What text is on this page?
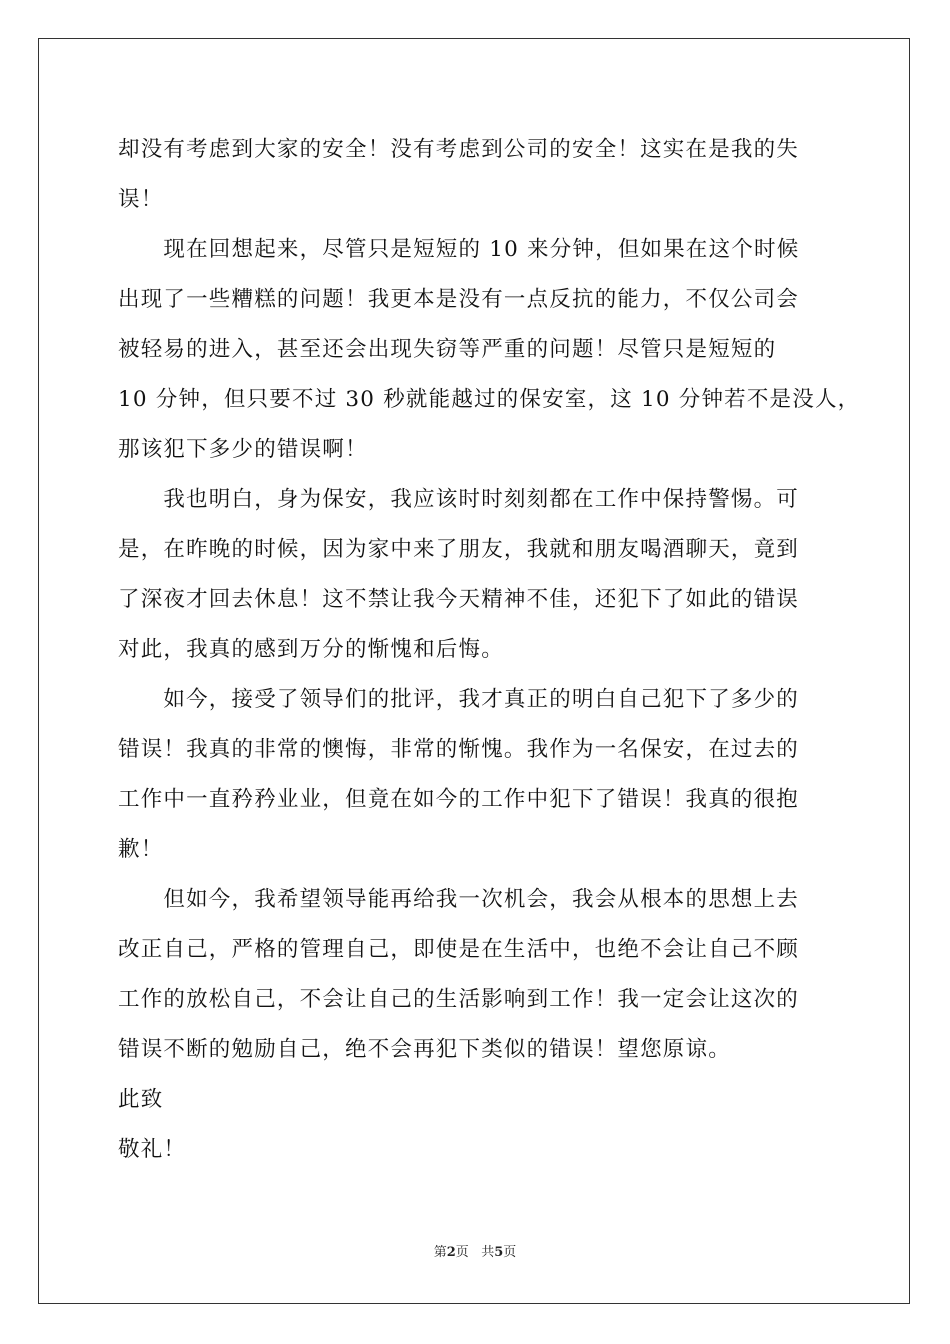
却没有考虑到大家的安全！没有考虑到公司的安全！这实在是我的失
误！
　　现在回想起来，尽管只是短短的 10 来分钟，但如果在这个时候
出现了一些糟糕的问题！我更本是没有一点反抗的能力，不仅公司会
被轻易的进入，甚至还会出现失窃等严重的问题！尽管只是短短的
10 分钟，但只要不过 30 秒就能越过的保安室，这 10 分钟若不是没人，
那该犯下多少的错误啊！
　　我也明白，身为保安，我应该时时刻刻都在工作中保持警惕。可
是，在昨晚的时候，因为家中来了朋友，我就和朋友喝酒聊天，竟到
了深夜才回去休息！这不禁让我今天精神不佳，还犯下了如此的错误
对此，我真的感到万分的惭愧和后悔。
　　如今，接受了领导们的批评，我才真正的明白自己犯下了多少的
错误！我真的非常的懊悔，非常的惭愧。我作为一名保安，在过去的
工作中一直矜矜业业，但竟在如今的工作中犯下了错误！我真的很抱
歉！
　　但如今，我希望领导能再给我一次机会，我会从根本的思想上去
改正自己，严格的管理自己，即使是在生活中，也绝不会让自己不顾
工作的放松自己，不会让自己的生活影响到工作！我一定会让这次的
错误不断的勉励自己，绝不会再犯下类似的错误！望您原谅。
此致
敬礼！
第2页 共5页
